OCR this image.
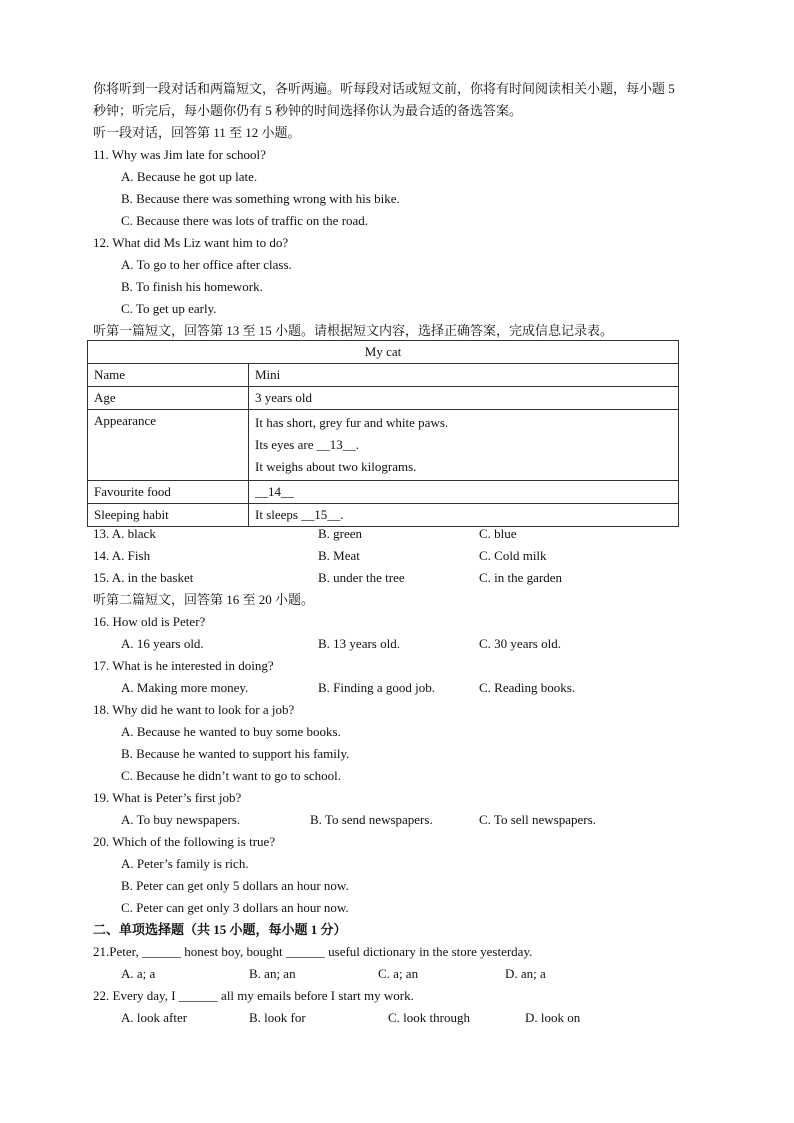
你将听到一段对话和两篇短文，各听两遍。听每段对话或短文前，你将有时间阅读相关小题，每小题 5
秒钟；听完后，每小题你仍有 5 秒钟的时间选择你认为最合适的备选答案。
听一段对话，回答第 11 至 12 小题。
11. Why was Jim late for school?
A. Because he got up late.
B. Because there was something wrong with his bike.
C. Because there was lots of traffic on the road.
12. What did Ms Liz want him to do?
A. To go to her office after class.
B. To finish his homework.
C. To get up early.
听第一篇短文，回答第 13 至 15 小题。请根据短文内容，选择正确答案，完成信息记录表。
My cat	
Name	Mini
Age	3 years old
Appearance	It has short, grey fur and white paws.
Its eyes are __13__.
It weighs about two kilograms.

Favourite food	__14__
Sleeping habit	It sleeps __15__.
13. A. black	B. green	C. blue
14. A. Fish	B. Meat	C. Cold milk
15. A. in the basket	B. under the tree	C. in the garden
听第二篇短文，回答第 16 至 20 小题。
16. How old is Peter?
A. 16 years old.	B. 13 years old.	C. 30 years old.
17. What is he interested in doing?
A. Making more money.	B. Finding a good job.	C. Reading books.
18. Why did he want to look for a job?
A. Because he wanted to buy some books.
B. Because he wanted to support his family.
C. Because he didn’t want to go to school.
19. What is Peter’s first job?
A. To buy newspapers.	B. To send newspapers.	C. To sell newspapers.
20. Which of the following is true?
A. Peter’s family is rich.
B. Peter can get only 5 dollars an hour now.
C. Peter can get only 3 dollars an hour now.
二、单项选择题（共 15 小题，每小题 1 分）
21.Peter, ______ honest boy, bought ______ useful dictionary in the store yesterday.
A. a; a	B. an; an	C. a; an	D. an; a
22. Every day, I ______ all my emails before I start my work.
A. look after	B. look for	C. look through	D. look on
